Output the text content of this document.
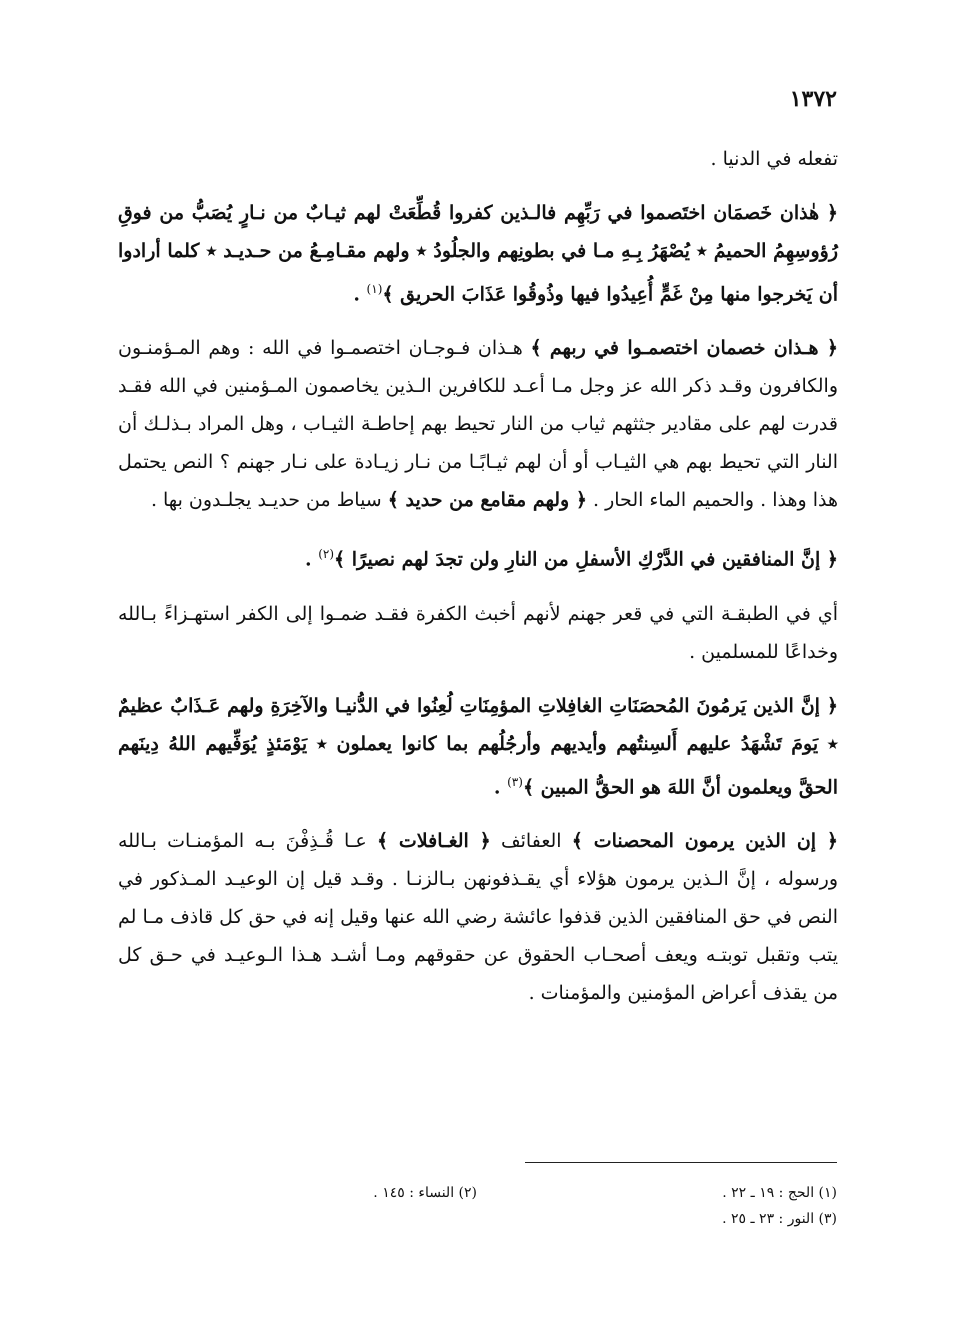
١٣٧٢

تفعله في الدنيا .

﴿ هٰذان خَصمَان اختَصموا في رَبِّهِم فالـذين كفروا قُطِّعَتْ لهم ثيـابٌ من نـارٍ يُصَبُّ من فوقِ رُؤوسِهِمُ الحميمُ ٭ يُصْهَرُ بِـهِ مـا في بطونِهم والجلُودُ ٭ ولهم مقـامِـعُ من حـديـد ٭ كلما أرادوا أن يَخرجوا منها مِنْ غَمٍّ أُعِيدُوا فيها وذُوقُوا عَذَابَ الحريق ﴾$^{(١)}$ .

﴿ هـذان خصمان اختصمـوا في ربهم ﴾ هـذان فـوجـان اختصمـوا في الله : وهم المـؤمنـون والكافرون وقـد ذكر الله عز وجل مـا أعـد للكافرين الـذين يخاصمون المـؤمنين في الله فقـد قدرت لهم على مقادير جثثهم ثياب من النار تحيط بهم إحاطـة الثيـاب ، وهل المراد بـذلـك أن النار التي تحيط بهم هي الثيـاب أو أن لهم ثيـابًـا من نـار زيـادة على نـار جهنم ؟ النص يحتمل هذا وهذا . والحميم الماء الحار . ﴿ ولهم مقامع من حديد ﴾ سياط من حديـد يجلـدون بها .

﴿ إنَّ المنافقين في الدَّرْكِ الأسفلِ من النارِ ولن تجدَ لهم نصيرًا ﴾$^{(٢)}$ .

أي في الطبقـة التي في قعر جهنم لأنهم أخبث الكفرة فقـد ضمـوا إلى الكفر استهـزاءً بـالله وخداعًا للمسلمين .

﴿ إنَّ الذين يَرمُونَ المُحصَنَاتِ الغافِلاتِ المؤمِنَاتِ لُعِنُوا في الدُّنيـا والآخِرَةِ ولهم عَـذَابٌ عظيمٌ ٭ يَومَ تَشْهَدُ عليهم أَلسِنتُهم وأيديهم وأرجُلُهم بما كانوا يعملون ٭ يَوْمَئذٍ يُوَفِّيهم اللهُ دِينَهم الحقَّ ويعلمون أنَّ اللهَ هو الحقُّ المبين ﴾$^{(٣)}$ .

﴿ إن الذين يرمون المحصنات ﴾ العفائف ﴿ الغـافلات ﴾ عـا قُـذِفْنَ بـه المؤمنـات بـالله ورسوله ، إنَّ الـذين يرمون هؤلاء أي يقـذفونهن بـالزنـا . وقـد قيل إن الوعيـد المـذكور في النص في حق المنافقين الذين قذفوا عائشة رضي الله عنها وقيل إنه في حق كل قاذف مـا لم يتب وتقبل توبتـه ويعف أصحـاب الحقوق عن حقوقهم ومـا أشـد هـذا الـوعيـد في حـق كل من يقذف أعراض المؤمنين والمؤمنات .

(١) الحج : ١٩ ـ ٢٢ .
(٢) النساء : ١٤٥ .
(٣) النور : ٢٣ ـ ٢٥ .
